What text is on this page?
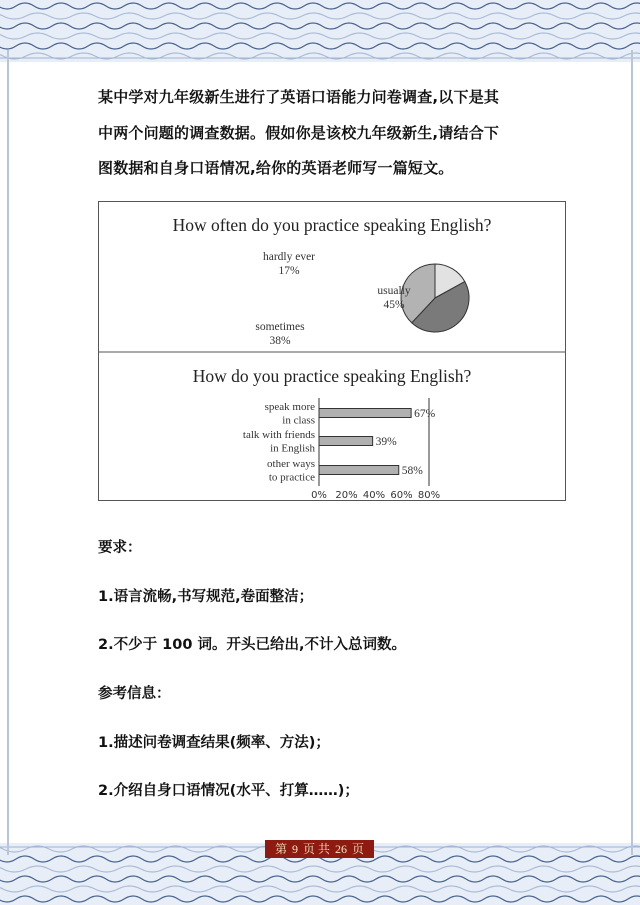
某中学对九年级新生进行了英语口语能力问卷调查,以下是其

中两个问题的调查数据。假如你是该校九年级新生,请结合下

图数据和自身口语情况,给你的英语老师写一篇短文。

How often do you practice speaking English?
hardly ever
17%
usually
45%
sometimes
38%
How do you practice speaking English?
67%
speak more
in class
39%
talk with friends
in English
58%
other ways
to practice
0% 20% 40% 60% 80%
要求：
1.语言流畅,书写规范,卷面整洁；
2.不少于 100 词。开头已给出,不计入总词数。
参考信息：
1.描述问卷调查结果(频率、方法)；
2.介绍自身口语情况(水平、打算……)；
第 9 页 共 26 页
